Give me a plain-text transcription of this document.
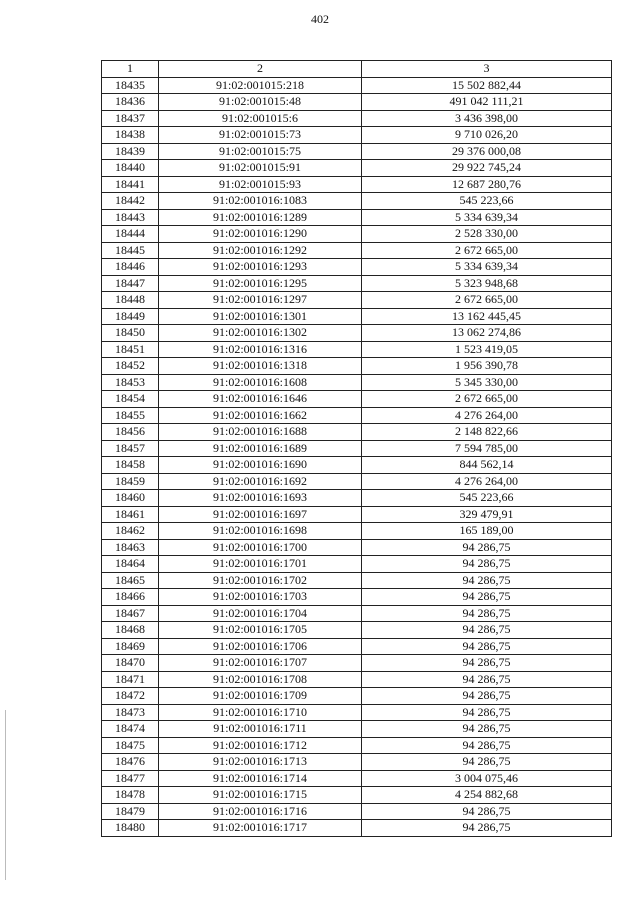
402
1	2	3
18435	91:02:001015:218	15 502 882,44
18436	91:02:001015:48	491 042 111,21
18437	91:02:001015:6	3 436 398,00
18438	91:02:001015:73	9 710 026,20
18439	91:02:001015:75	29 376 000,08
18440	91:02:001015:91	29 922 745,24
18441	91:02:001015:93	12 687 280,76
18442	91:02:001016:1083	545 223,66
18443	91:02:001016:1289	5 334 639,34
18444	91:02:001016:1290	2 528 330,00
18445	91:02:001016:1292	2 672 665,00
18446	91:02:001016:1293	5 334 639,34
18447	91:02:001016:1295	5 323 948,68
18448	91:02:001016:1297	2 672 665,00
18449	91:02:001016:1301	13 162 445,45
18450	91:02:001016:1302	13 062 274,86
18451	91:02:001016:1316	1 523 419,05
18452	91:02:001016:1318	1 956 390,78
18453	91:02:001016:1608	5 345 330,00
18454	91:02:001016:1646	2 672 665,00
18455	91:02:001016:1662	4 276 264,00
18456	91:02:001016:1688	2 148 822,66
18457	91:02:001016:1689	7 594 785,00
18458	91:02:001016:1690	844 562,14
18459	91:02:001016:1692	4 276 264,00
18460	91:02:001016:1693	545 223,66
18461	91:02:001016:1697	329 479,91
18462	91:02:001016:1698	165 189,00
18463	91:02:001016:1700	94 286,75
18464	91:02:001016:1701	94 286,75
18465	91:02:001016:1702	94 286,75
18466	91:02:001016:1703	94 286,75
18467	91:02:001016:1704	94 286,75
18468	91:02:001016:1705	94 286,75
18469	91:02:001016:1706	94 286,75
18470	91:02:001016:1707	94 286,75
18471	91:02:001016:1708	94 286,75
18472	91:02:001016:1709	94 286,75
18473	91:02:001016:1710	94 286,75
18474	91:02:001016:1711	94 286,75
18475	91:02:001016:1712	94 286,75
18476	91:02:001016:1713	94 286,75
18477	91:02:001016:1714	3 004 075,46
18478	91:02:001016:1715	4 254 882,68
18479	91:02:001016:1716	94 286,75
18480	91:02:001016:1717	94 286,75
